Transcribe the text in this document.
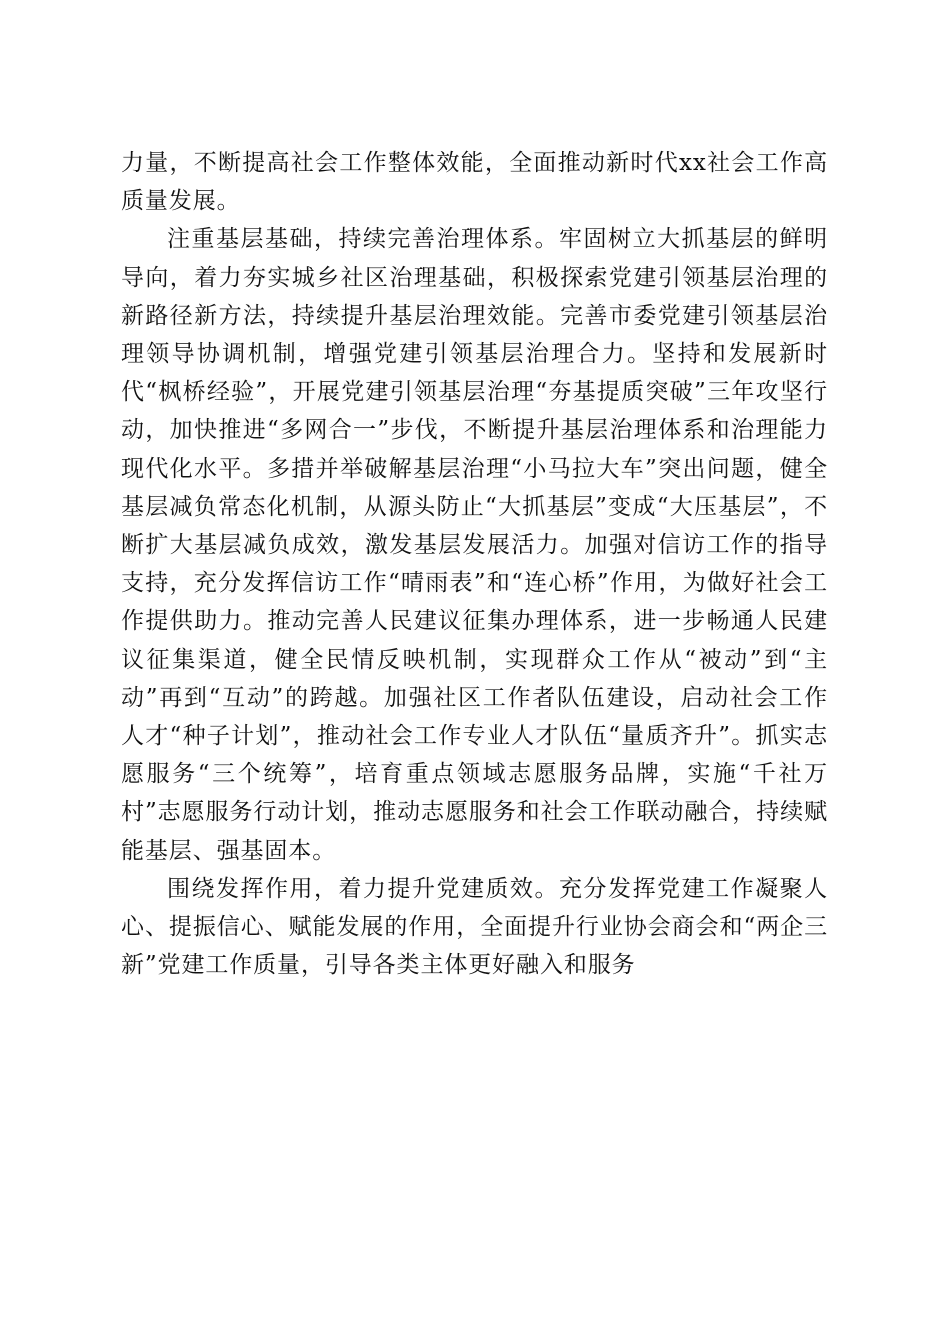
力量，不断提高社会工作整体效能，全面推动新时代xx社会工作高质量发展。

注重基层基础，持续完善治理体系。牢固树立大抓基层的鲜明导向，着力夯实城乡社区治理基础，积极探索党建引领基层治理的新路径新方法，持续提升基层治理效能。完善市委党建引领基层治理领导协调机制，增强党建引领基层治理合力。坚持和发展新时代“枫桥经验”，开展党建引领基层治理“夯基提质突破”三年攻坚行动，加快推进“多网合一”步伐，不断提升基层治理体系和治理能力现代化水平。多措并举破解基层治理“小马拉大车”突出问题，健全基层减负常态化机制，从源头防止“大抓基层”变成“大压基层”，不断扩大基层减负成效，激发基层发展活力。加强对信访工作的指导支持，充分发挥信访工作“晴雨表”和“连心桥”作用，为做好社会工作提供助力。推动完善人民建议征集办理体系，进一步畅通人民建议征集渠道，健全民情反映机制，实现群众工作从“被动”到“主动”再到“互动”的跨越。加强社区工作者队伍建设，启动社会工作人才“种子计划”，推动社会工作专业人才队伍“量质齐升”。抓实志愿服务“三个统筹”，培育重点领域志愿服务品牌，实施“千社万村”志愿服务行动计划，推动志愿服务和社会工作联动融合，持续赋能基层、强基固本。

围绕发挥作用，着力提升党建质效。充分发挥党建工作凝聚人心、提振信心、赋能发展的作用，全面提升行业协会商会和“两企三新”党建工作质量，引导各类主体更好融入和服务
